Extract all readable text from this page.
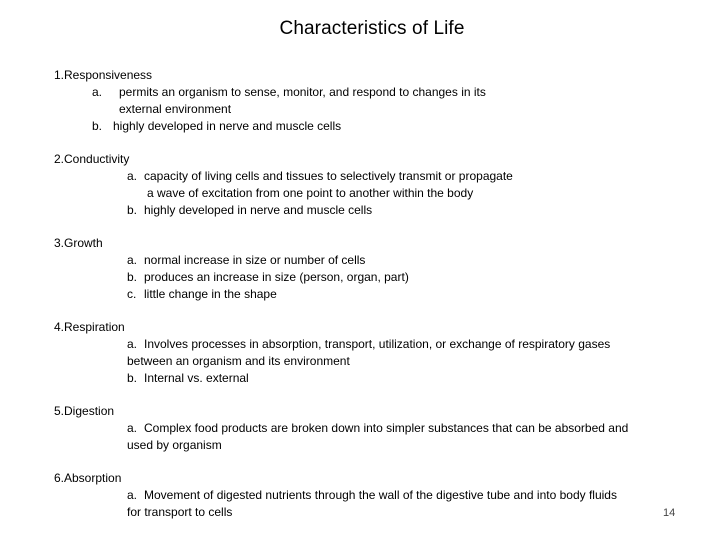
Characteristics of Life
1.Responsiveness
a. permits an organism to sense, monitor, and respond to changes in its
external environment
b. highly developed in nerve and muscle cells
2.Conductivity
a. capacity of living cells and tissues to selectively transmit or propagate
a wave of excitation from one point to another within the body
b. highly developed in nerve and muscle cells
3.Growth
a. normal increase in size or number of cells
b. produces an increase in size (person, organ, part)
c. little change in the shape
4.Respiration
a. Involves processes in absorption, transport, utilization, or exchange of respiratory gases
between an organism and its environment
b. Internal vs. external
5.Digestion
a. Complex food products are broken down into simpler substances that can be absorbed and
used by organism
6.Absorption
a. Movement of digested nutrients through the wall of the digestive tube and into body fluids
for transport to cells	14
